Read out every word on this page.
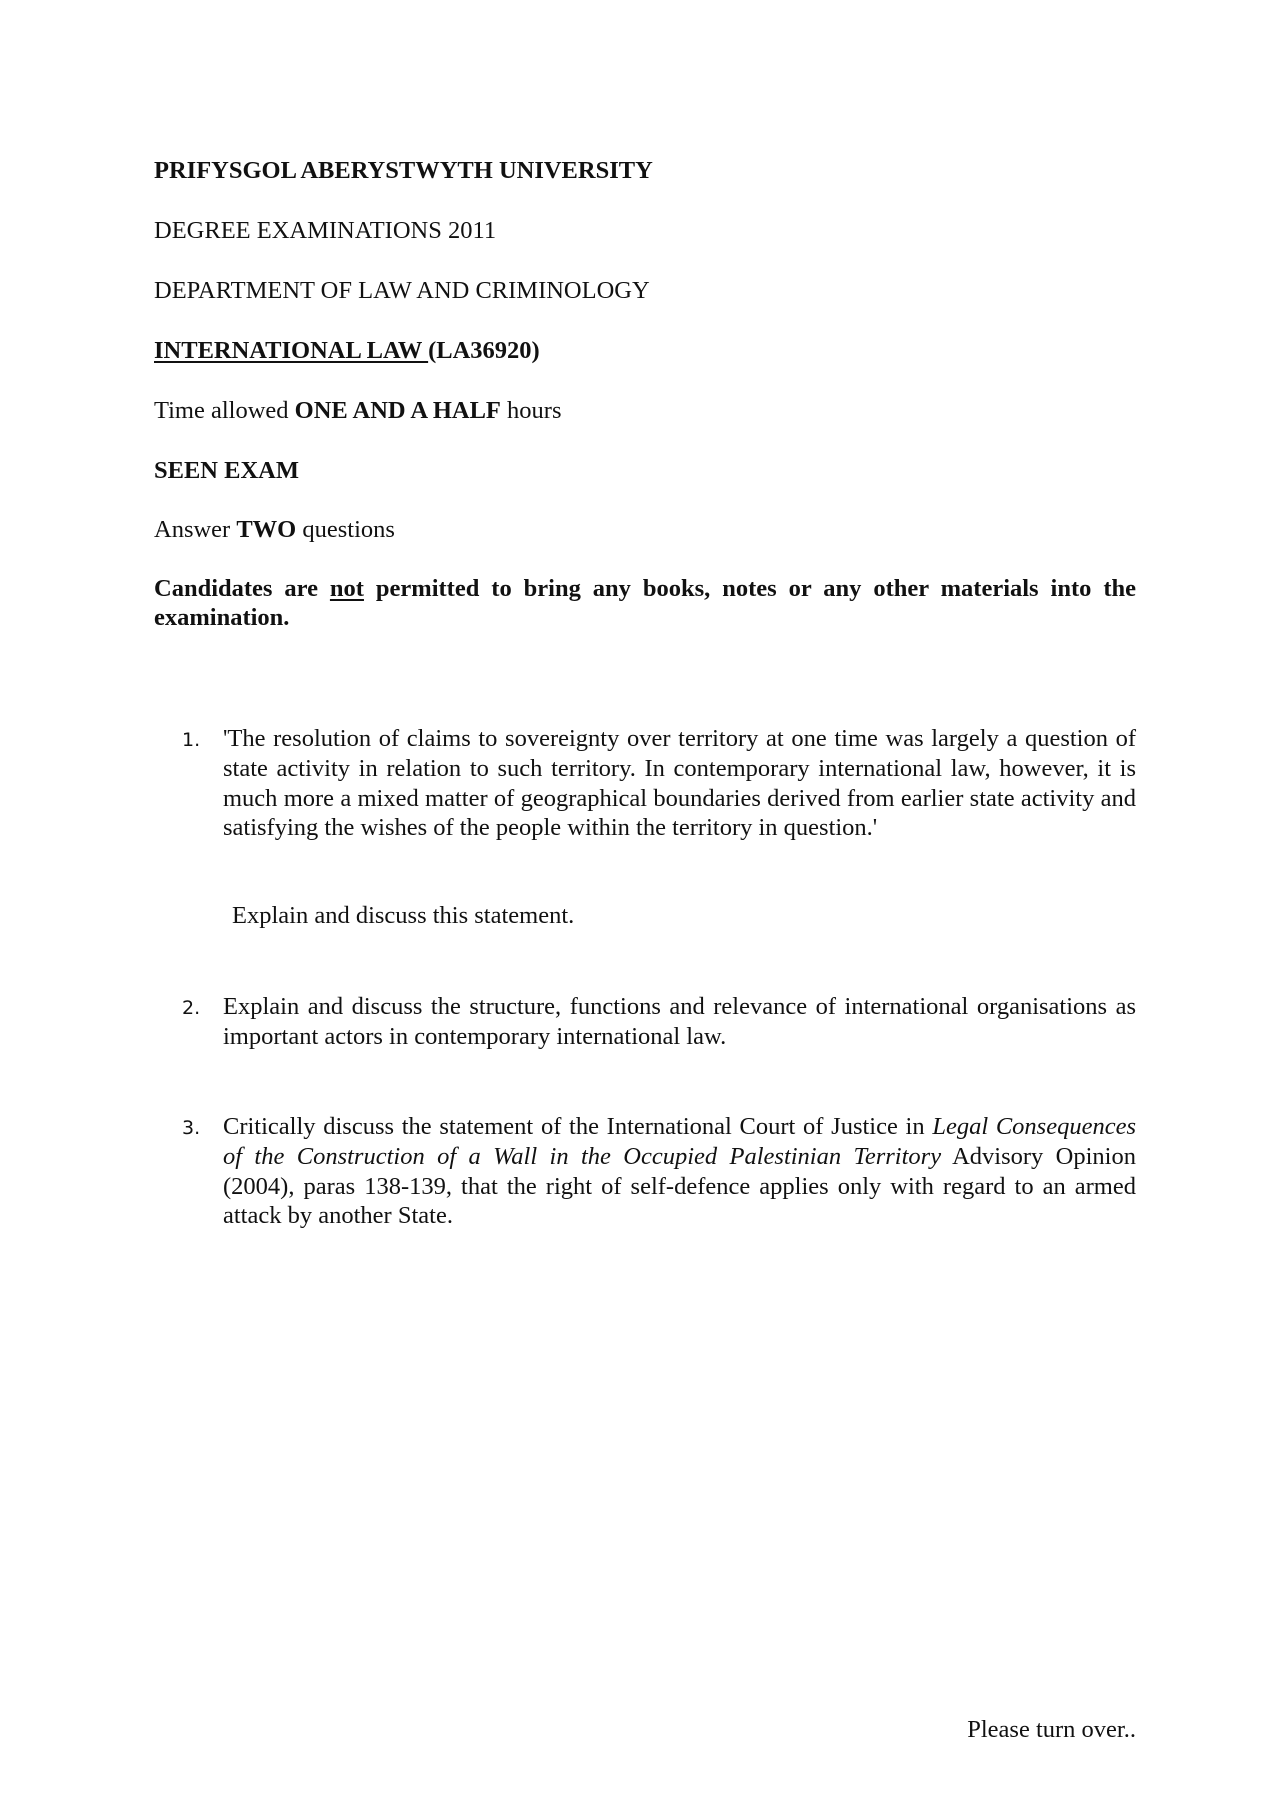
PRIFYSGOL ABERYSTWYTH UNIVERSITY
DEGREE EXAMINATIONS 2011
DEPARTMENT OF LAW AND CRIMINOLOGY
INTERNATIONAL LAW (LA36920)
Time allowed ONE AND A HALF hours
SEEN EXAM
Answer TWO questions
Candidates are not permitted to bring any books, notes or any other materials into the examination.
1. 'The resolution of claims to sovereignty over territory at one time was largely a question of state activity in relation to such territory. In contemporary international law, however, it is much more a mixed matter of geographical boundaries derived from earlier state activity and satisfying the wishes of the people within the territory in question.'
Explain and discuss this statement.
2. Explain and discuss the structure, functions and relevance of international organisations as important actors in contemporary international law.
3. Critically discuss the statement of the International Court of Justice in Legal Consequences of the Construction of a Wall in the Occupied Palestinian Territory Advisory Opinion (2004), paras 138-139, that the right of self-defence applies only with regard to an armed attack by another State.
Please turn over..
